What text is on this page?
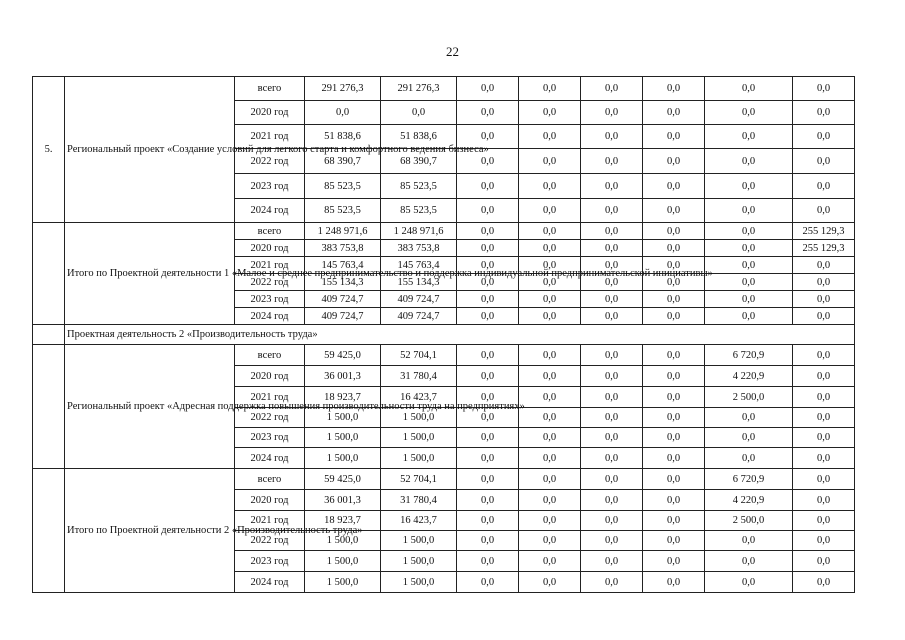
22
5.	Региональный проект «Создание условий для легкого старта и комфортного ведения бизнеса»	всего	291 276,3	291 276,3	0,0	0,0	0,0	0,0	0,0	0,0
		2020 год	0,0	0,0	0,0	0,0	0,0	0,0	0,0	0,0
		2021 год	51 838,6	51 838,6	0,0	0,0	0,0	0,0	0,0	0,0
		2022 год	68 390,7	68 390,7	0,0	0,0	0,0	0,0	0,0	0,0
		2023 год	85 523,5	85 523,5	0,0	0,0	0,0	0,0	0,0	0,0
		2024 год	85 523,5	85 523,5	0,0	0,0	0,0	0,0	0,0	0,0
	Итого по Проектной деятельности 1 «Малое и среднее предпринимательство и поддержка индивидуальной предпринимательской инициативы»	всего	1 248 971,6	1 248 971,6	0,0	0,0	0,0	0,0	0,0	255 129,3
		2020 год	383 753,8	383 753,8	0,0	0,0	0,0	0,0	0,0	255 129,3
		2021 год	145 763,4	145 763,4	0,0	0,0	0,0	0,0	0,0	0,0
		2022 год	155 134,3	155 134,3	0,0	0,0	0,0	0,0	0,0	0,0
		2023 год	409 724,7	409 724,7	0,0	0,0	0,0	0,0	0,0	0,0
		2024 год	409 724,7	409 724,7	0,0	0,0	0,0	0,0	0,0	0,0
	Проектная деятельность 2 «Производительность труда»									
	Региональный проект «Адресная поддержка повышения производительности труда на предприятиях»	всего	59 425,0	52 704,1	0,0	0,0	0,0	0,0	6 720,9	0,0
		2020 год	36 001,3	31 780,4	0,0	0,0	0,0	0,0	4 220,9	0,0
		2021 год	18 923,7	16 423,7	0,0	0,0	0,0	0,0	2 500,0	0,0
		2022 год	1 500,0	1 500,0	0,0	0,0	0,0	0,0	0,0	0,0
		2023 год	1 500,0	1 500,0	0,0	0,0	0,0	0,0	0,0	0,0
		2024 год	1 500,0	1 500,0	0,0	0,0	0,0	0,0	0,0	0,0
	Итого по Проектной деятельности 2 «Производительность труда»	всего	59 425,0	52 704,1	0,0	0,0	0,0	0,0	6 720,9	0,0
		2020 год	36 001,3	31 780,4	0,0	0,0	0,0	0,0	4 220,9	0,0
		2021 год	18 923,7	16 423,7	0,0	0,0	0,0	0,0	2 500,0	0,0
		2022 год	1 500,0	1 500,0	0,0	0,0	0,0	0,0	0,0	0,0
		2023 год	1 500,0	1 500,0	0,0	0,0	0,0	0,0	0,0	0,0
		2024 год	1 500,0	1 500,0	0,0	0,0	0,0	0,0	0,0	0,0
